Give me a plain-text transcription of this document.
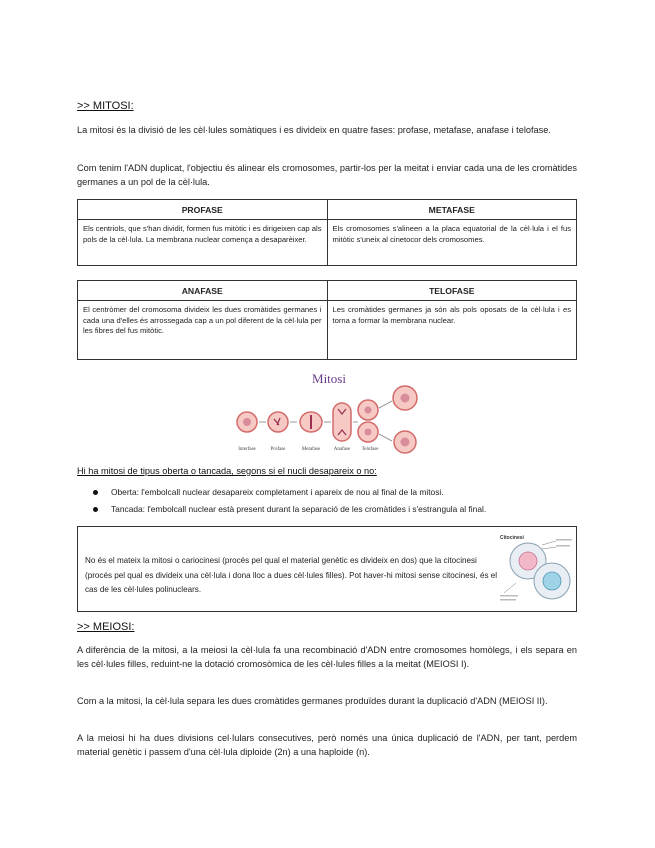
>> MITOSI:
La mitosi és la divisió de les cèl·lules somàtiques i es divideix en quatre fases: profase, metafase, anafase i telofase.
Com tenim l'ADN duplicat, l'objectiu és alinear els cromosomes, partir-los per la meitat i enviar cada una de les cromàtides germanes a un pol de la cèl·lula.
PROFASE	METAFASE
Els centriols, que s'han dividit, formen fus mitòtic i es dirigeixen cap als pols de la cèl·lula. La membrana nuclear comença a desaparèixer.	Els cromosomes s'alineen a la placa equatorial de la cèl·lula i el fus mitòtic s'uneix al cinetocor dels cromosomes.
ANAFASE	TELOFASE
El centròmer del cromosoma divideix les dues cromàtides germanes i cada una d'elles és arrossegada cap a un pol diferent de la cèl·lula per les fibres del fus mitòtic.	Les cromàtides germanes ja són als pols oposats de la cèl·lula i es torna a formar la membrana nuclear.
Mitosi
Interfase	Profase	Metafase	Anafase Telofase
Hi ha mitosi de tipus oberta o tancada, segons si el nucli desapareix o no:
Oberta: l'embolcall nuclear desapareix completament i apareix de nou al final de la mitosi.
Tancada: l'embolcall nuclear està present durant la separació de les cromàtides i s'estrangula al final.
No és el mateix la mitosi o cariocinesi (procés pel qual el material genètic es divideix en dos) que la citocinesi (procés pel qual es divideix una cèl·lula i dona lloc a dues cèl·lules filles). Pot haver-hi mitosi sense citocinesi, és el cas de les cèl·lules polinuclears.
Citocinesi
>> MEIOSI:
A diferència de la mitosi, a la meiosi la cèl·lula fa una recombinació d'ADN entre cromosomes homòlegs, i els separa en les cèl·lules filles, reduint-ne la dotació cromosòmica de les cèl·lules filles a la meitat (MEIOSI I).
Com a la mitosi, la cèl·lula separa les dues cromàtides germanes produïdes durant la duplicació d'ADN (MEIOSI II).
A la meiosi hi ha dues divisions cel·lulars consecutives, però només una única duplicació de l'ADN, per tant, perdem material genètic i passem d'una cèl·lula diploide (2n) a una haploide (n).
